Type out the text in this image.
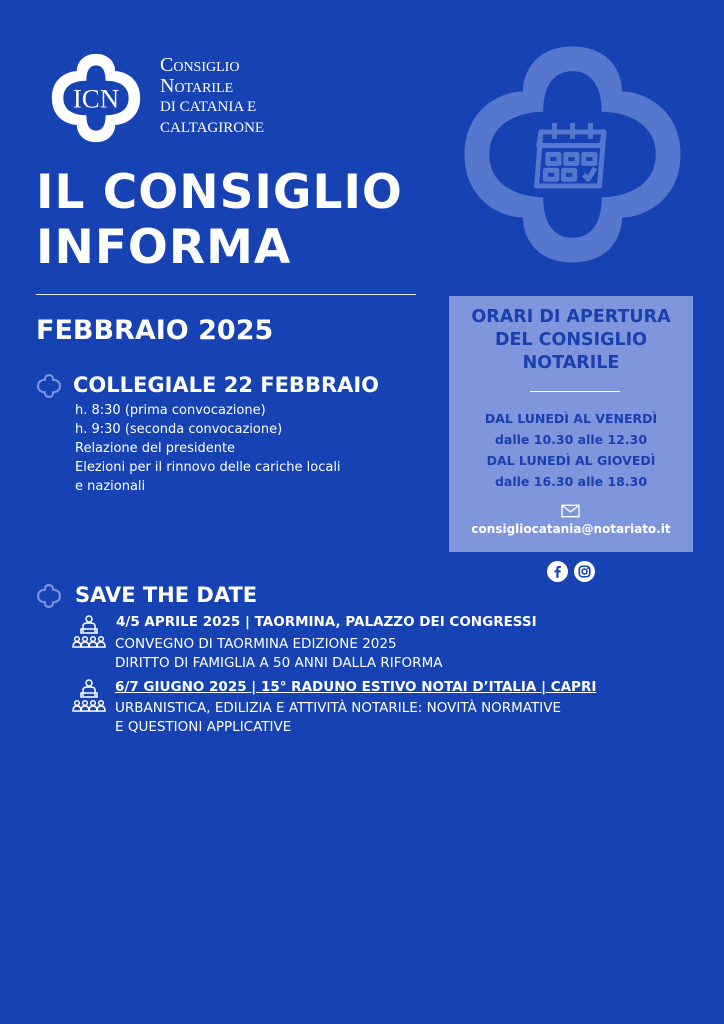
ICN
Consiglio
Notarile
DI CATANIA E
CALTAGIRONE
IL CONSIGLIO
INFORMA
FEBBRAIO 2025	ORARI DI APERTURA
DEL CONSIGLIO
NOTARILE
DAL LUNEDÌ AL VENERDÌ
dalle 10.30 alle 12.30
DAL LUNEDÌ AL GIOVEDÌ
dalle 16.30 alle 18.30
consigliocatania@notariato.it
COLLEGIALE 22 FEBBRAIO
h. 8:30 (prima convocazione)
h. 9:30 (seconda convocazione)
Relazione del presidente
Elezioni per il rinnovo delle cariche locali
e nazionali
SAVE THE DATE
4/5 APRILE 2025 | TAORMINA, PALAZZO DEI CONGRESSI
CONVEGNO DI TAORMINA EDIZIONE 2025
DIRITTO DI FAMIGLIA A 50 ANNI DALLA RIFORMA
6/7 GIUGNO 2025 | 15° RADUNO ESTIVO NOTAI D’ITALIA | CAPRI
URBANISTICA, EDILIZIA E ATTIVITÀ NOTARILE: NOVITÀ NORMATIVE
E QUESTIONI APPLICATIVE
